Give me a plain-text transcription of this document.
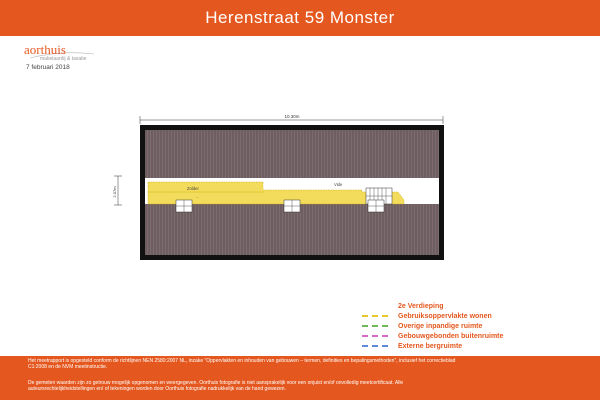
Herenstraat 59 Monster
aorthuis
makelaardij & taxatie
7 februari 2018
10.30m
2.07m	Zolder
...
Vide
2e Verdieping
Gebruiksoppervlakte wonen
Overige inpandige ruimte
Gebouwgebonden buitenruimte
Externe bergruimte
Het meetrapport is opgesteld conform de richtlijnen NEN 2580:2007 NL, inzake "Oppervlakten en inhouden van gebouwen – termen, definities en bepalingsmethoden", inclusief het correctieblad C1:2008 en de NVM meetinstructie.
De gemeten waarden zijn zo getrouw mogelijk opgenomen en weergegeven. Oorthuis fotografie is niet aansprakelijk voor een onjuist en/of onvolledig meetcertificaat. Alle auteursrechtelijkheidstellingen en/ of tekeningen worden door Oorthuis fotografie nadrukkelijk van de hand gewezen.
